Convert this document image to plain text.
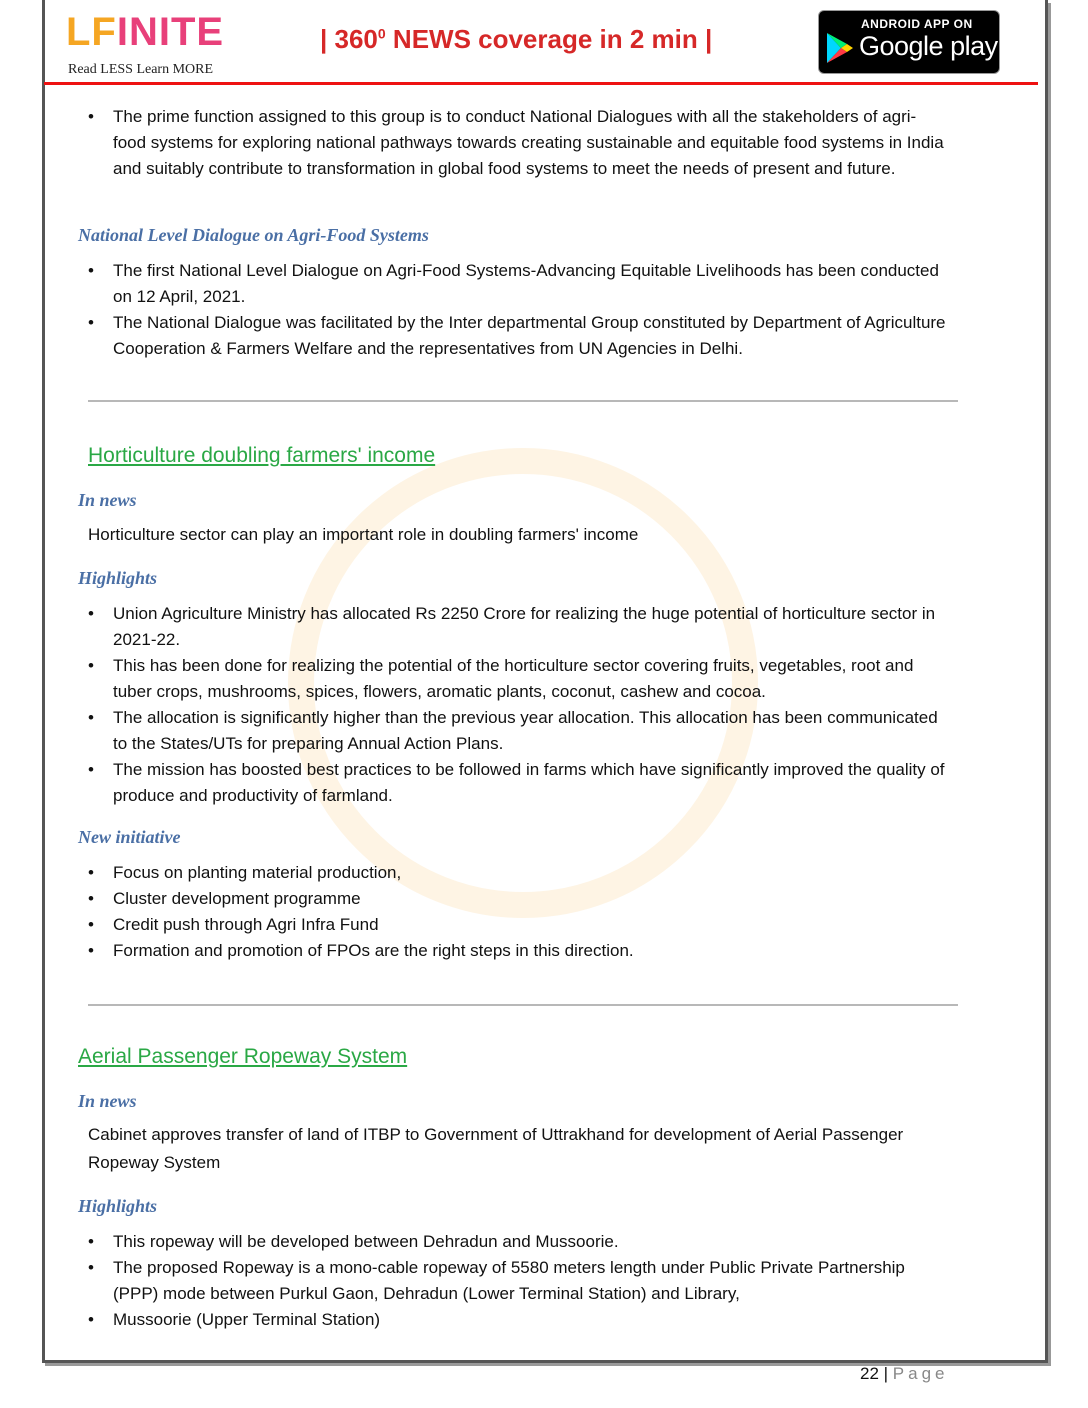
LFINITE
Read LESS Learn MORE
| $360^0$ NEWS coverage in 2 min |	ANDROID APP ON
Google play
• The prime function assigned to this group is to conduct National Dialogues with all the stakeholders of agri-food systems for exploring national pathways towards creating sustainable and equitable food systems in India and suitably contribute to transformation in global food systems to meet the needs of present and future.
National Level Dialogue on Agri-Food Systems
• The first National Level Dialogue on Agri-Food Systems-Advancing Equitable Livelihoods has been conducted on 12 April, 2021.
• The National Dialogue was facilitated by the Inter departmental Group constituted by Department of Agriculture Cooperation & Farmers Welfare and the representatives from UN Agencies in Delhi.
Horticulture doubling farmers' income
In news
Horticulture sector can play an important role in doubling farmers' income
Highlights
• Union Agriculture Ministry has allocated Rs 2250 Crore for realizing the huge potential of horticulture sector in 2021-22.
• This has been done for realizing the potential of the horticulture sector covering fruits, vegetables, root and tuber crops, mushrooms, spices, flowers, aromatic plants, coconut, cashew and cocoa.
• The allocation is significantly higher than the previous year allocation. This allocation has been communicated to the States/UTs for preparing Annual Action Plans.
• The mission has boosted best practices to be followed in farms which have significantly improved the quality of produce and productivity of farmland.
New initiative
• Focus on planting material production,
• Cluster development programme
• Credit push through Agri Infra Fund
• Formation and promotion of FPOs are the right steps in this direction.
Aerial Passenger Ropeway System
In news
Cabinet approves transfer of land of ITBP to Government of Uttrakhand for development of Aerial Passenger Ropeway System
Highlights
• This ropeway will be developed between Dehradun and Mussoorie.
• The proposed Ropeway is a mono-cable ropeway of 5580 meters length under Public Private Partnership (PPP) mode between Purkul Gaon, Dehradun (Lower Terminal Station) and Library,
• Mussoorie (Upper Terminal Station)
22 | Page
